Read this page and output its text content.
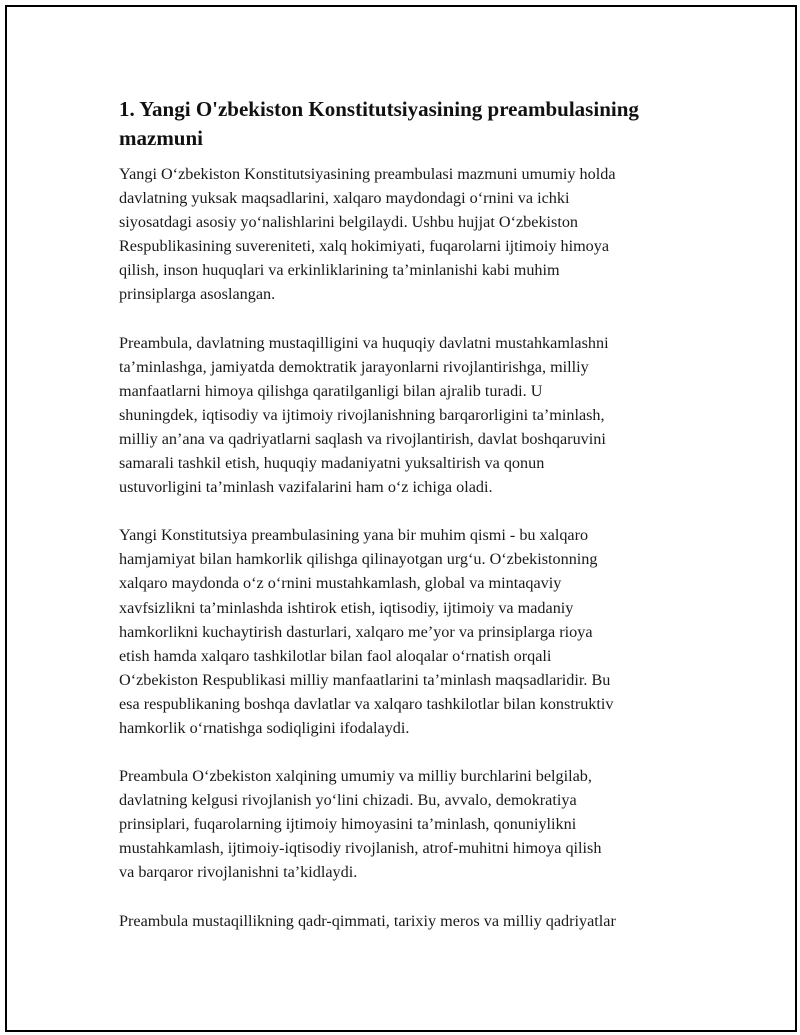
1. Yangi O'zbekiston Konstitutsiyasining preambulasining
mazmuni
Yangi O‘zbekiston Konstitutsiyasining preambulasi mazmuni umumiy holda
davlatning yuksak maqsadlarini, xalqaro maydondagi o‘rnini va ichki
siyosatdagi asosiy yo‘nalishlarini belgilaydi. Ushbu hujjat O‘zbekiston
Respublikasining suvereniteti, xalq hokimiyati, fuqarolarni ijtimoiy himoya
qilish, inson huquqlari va erkinliklarining ta’minlanishi kabi muhim
prinsiplarga asoslangan.
Preambula, davlatning mustaqilligini va huquqiy davlatni mustahkamlashni
ta’minlashga, jamiyatda demoktratik jarayonlarni rivojlantirishga, milliy
manfaatlarni himoya qilishga qaratilganligi bilan ajralib turadi. U
shuningdek, iqtisodiy va ijtimoiy rivojlanishning barqarorligini ta’minlash,
milliy an’ana va qadriyatlarni saqlash va rivojlantirish, davlat boshqaruvini
samarali tashkil etish, huquqiy madaniyatni yuksaltirish va qonun
ustuvorligini ta’minlash vazifalarini ham o‘z ichiga oladi.
Yangi Konstitutsiya preambulasining yana bir muhim qismi - bu xalqaro
hamjamiyat bilan hamkorlik qilishga qilinayotgan urg‘u. O‘zbekistonning
xalqaro maydonda o‘z o‘rnini mustahkamlash, global va mintaqaviy
xavfsizlikni ta’minlashda ishtirok etish, iqtisodiy, ijtimoiy va madaniy
hamkorlikni kuchaytirish dasturlari, xalqaro me’yor va prinsiplarga rioya
etish hamda xalqaro tashkilotlar bilan faol aloqalar o‘rnatish orqali
O‘zbekiston Respublikasi milliy manfaatlarini ta’minlash maqsadlaridir. Bu
esa respublikaning boshqa davlatlar va xalqaro tashkilotlar bilan konstruktiv
hamkorlik o‘rnatishga sodiqligini ifodalaydi.
Preambula O‘zbekiston xalqining umumiy va milliy burchlarini belgilab,
davlatning kelgusi rivojlanish yo‘lini chizadi. Bu, avvalo, demokratiya
prinsiplari, fuqarolarning ijtimoiy himoyasini ta’minlash, qonuniylikni
mustahkamlash, ijtimoiy-iqtisodiy rivojlanish, atrof-muhitni himoya qilish
va barqaror rivojlanishni ta’kidlaydi.
Preambula mustaqillikning qadr-qimmati, tarixiy meros va milliy qadriyatlar
